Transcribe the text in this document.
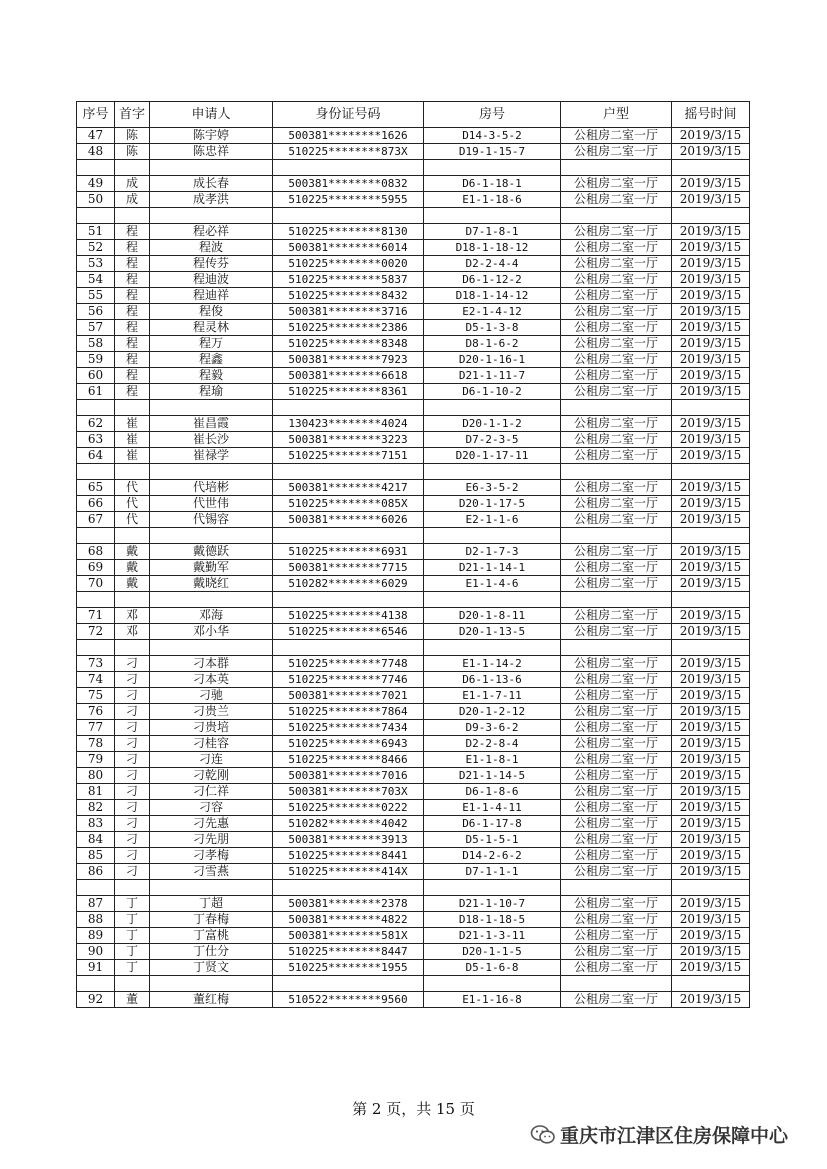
序号	首字	申请人	身份证号码	房号	户型	摇号时间
47	陈	陈宇婷	500381********1626	D14-3-5-2	公租房二室一厅	2019/3/15
48	陈	陈忠祥	510225********873X	D19-1-15-7	公租房二室一厅	2019/3/15

49	成	成长春	500381********0832	D6-1-18-1	公租房二室一厅	2019/3/15
50	成	成孝洪	510225********5955	E1-1-18-6	公租房二室一厅	2019/3/15

51	程	程必祥	510225********8130	D7-1-8-1	公租房二室一厅	2019/3/15
52	程	程波	500381********6014	D18-1-18-12	公租房二室一厅	2019/3/15
53	程	程传芬	510225********0020	D2-2-4-4	公租房二室一厅	2019/3/15
54	程	程迪波	510225********5837	D6-1-12-2	公租房二室一厅	2019/3/15
55	程	程迪祥	510225********8432	D18-1-14-12	公租房二室一厅	2019/3/15
56	程	程俊	500381********3716	E2-1-4-12	公租房二室一厅	2019/3/15
57	程	程灵林	510225********2386	D5-1-3-8	公租房二室一厅	2019/3/15
58	程	程万	510225********8348	D8-1-6-2	公租房二室一厅	2019/3/15
59	程	程鑫	500381********7923	D20-1-16-1	公租房二室一厅	2019/3/15
60	程	程毅	500381********6618	D21-1-11-7	公租房二室一厅	2019/3/15
61	程	程瑜	510225********8361	D6-1-10-2	公租房二室一厅	2019/3/15

62	崔	崔昌霞	130423********4024	D20-1-1-2	公租房二室一厅	2019/3/15
63	崔	崔长沙	500381********3223	D7-2-3-5	公租房二室一厅	2019/3/15
64	崔	崔禄学	510225********7151	D20-1-17-11	公租房二室一厅	2019/3/15

65	代	代培彬	500381********4217	E6-3-5-2	公租房二室一厅	2019/3/15
66	代	代世伟	510225********085X	D20-1-17-5	公租房二室一厅	2019/3/15
67	代	代锡容	500381********6026	E2-1-1-6	公租房二室一厅	2019/3/15

68	戴	戴德跃	510225********6931	D2-1-7-3	公租房二室一厅	2019/3/15
69	戴	戴勤军	500381********7715	D21-1-14-1	公租房二室一厅	2019/3/15
70	戴	戴晓红	510282********6029	E1-1-4-6	公租房二室一厅	2019/3/15

71	邓	邓海	510225********4138	D20-1-8-11	公租房二室一厅	2019/3/15
72	邓	邓小华	510225********6546	D20-1-13-5	公租房二室一厅	2019/3/15

73	刁	刁本群	510225********7748	E1-1-14-2	公租房二室一厅	2019/3/15
74	刁	刁本英	510225********7746	D6-1-13-6	公租房二室一厅	2019/3/15
75	刁	刁驰	500381********7021	E1-1-7-11	公租房二室一厅	2019/3/15
76	刁	刁贵兰	510225********7864	D20-1-2-12	公租房二室一厅	2019/3/15
77	刁	刁贵培	510225********7434	D9-3-6-2	公租房二室一厅	2019/3/15
78	刁	刁桂容	510225********6943	D2-2-8-4	公租房二室一厅	2019/3/15
79	刁	刁连	510225********8466	E1-1-8-1	公租房二室一厅	2019/3/15
80	刁	刁乾刚	500381********7016	D21-1-14-5	公租房二室一厅	2019/3/15
81	刁	刁仁祥	500381********703X	D6-1-8-6	公租房二室一厅	2019/3/15
82	刁	刁容	510225********0222	E1-1-4-11	公租房二室一厅	2019/3/15
83	刁	刁先惠	510282********4042	D6-1-17-8	公租房二室一厅	2019/3/15
84	刁	刁先朋	500381********3913	D5-1-5-1	公租房二室一厅	2019/3/15
85	刁	刁孝梅	510225********8441	D14-2-6-2	公租房二室一厅	2019/3/15
86	刁	刁雪燕	510225********414X	D7-1-1-1	公租房二室一厅	2019/3/15

87	丁	丁超	500381********2378	D21-1-10-7	公租房二室一厅	2019/3/15
88	丁	丁春梅	500381********4822	D18-1-18-5	公租房二室一厅	2019/3/15
89	丁	丁富桃	500381********581X	D21-1-3-11	公租房二室一厅	2019/3/15
90	丁	丁仕分	510225********8447	D20-1-1-5	公租房二室一厅	2019/3/15
91	丁	丁贤文	510225********1955	D5-1-6-8	公租房二室一厅	2019/3/15

92	董	董红梅	510522********9560	E1-1-16-8	公租房二室一厅	2019/3/15
第 2 页，共 15 页
重庆市江津区住房保障中心
